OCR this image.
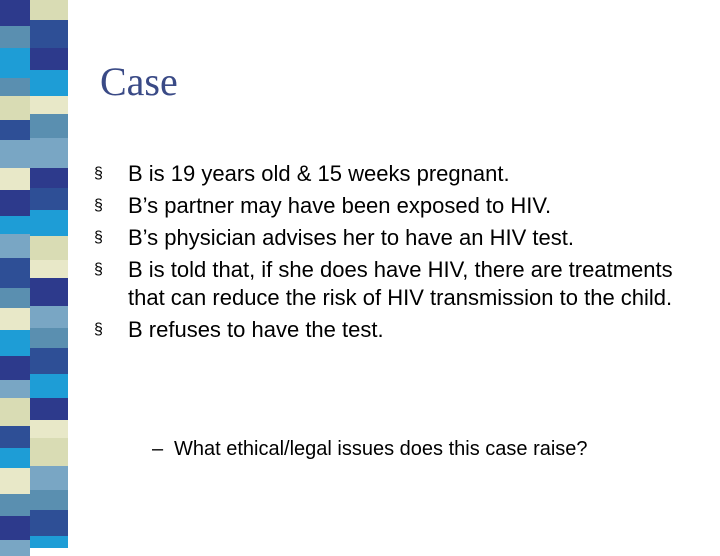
Case
§ B is 19 years old & 15 weeks pregnant.
§ B’s partner may have been exposed to HIV.
§ B’s physician advises her to have an HIV test.
§ B is told that, if she does have HIV, there are treatments that can reduce the risk of HIV transmission to the child.
§ B refuses to have the test.
– What ethical/legal issues does this case raise?
